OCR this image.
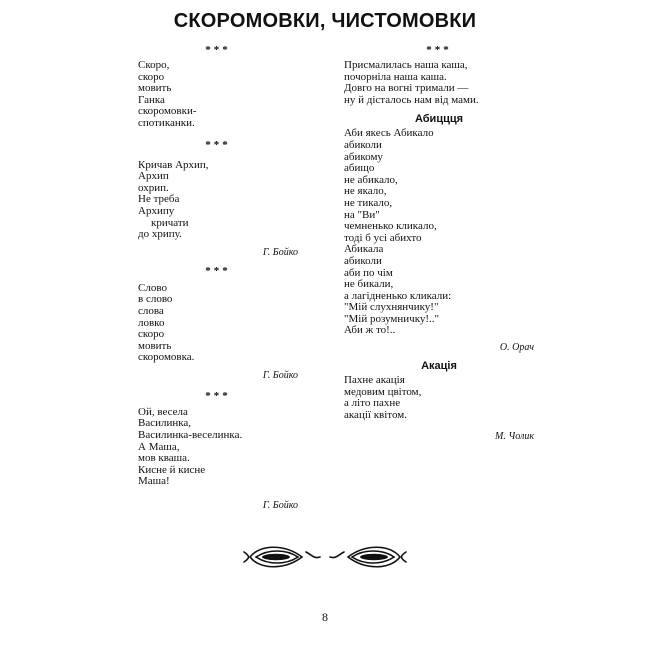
СКОРОМОВКИ, ЧИСТОМОВКИ
***
Скоро,
скоро
мовить
Ганка
скоромовки-
спотиканки.
***
Кричав Архип,
Архип
охрип.
Не треба
Архипу
кричати
до хрипу.
Г. Бойко
***
Слово
в слово
слова
ловко
скоро
мовить
скоромовка.
Г. Бойко
***
Ой, весела
Василинка,
Василинка-веселинка.
А Маша,
мов кваша.
Кисне й кисне
Маша!
Г. Бойко
***
Присмалилась наша каша,
почорніла наша каша.
Довго на вогні тримали —
ну й дісталось нам від мами.
Абиццця
Аби якесь Абикало
абиколи
абикому
абищо
не абикало,
не якало,
не тикало,
на "Ви"
чемненько кликало,
тоді б усі абихто
Абикала
абиколи
аби по чім
не бикали,
а лагідненько кликали:
"Мій слухнянчику!"
"Мій розумничку!.."
Аби ж то!..
О. Орач
Акація
Пахне акація
медовим цвітом,
а літо пахне
акації квітом.
М. Чолик
8
